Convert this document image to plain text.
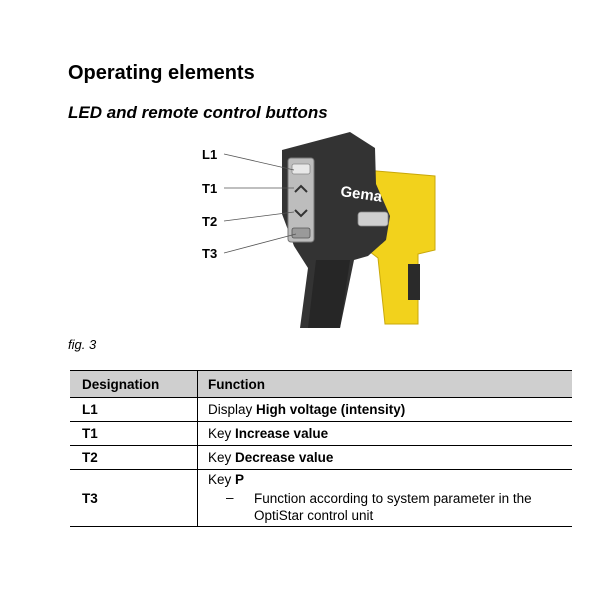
Operating elements
LED and remote control buttons
Gema
L1
T1
T2
T3
fig. 3
Designation	Function
L1	Display High voltage (intensity)
T1	Key Increase value
T2	Key Decrease value
T3	Key P
– Function according to system parameter in the OptiStar control unit
